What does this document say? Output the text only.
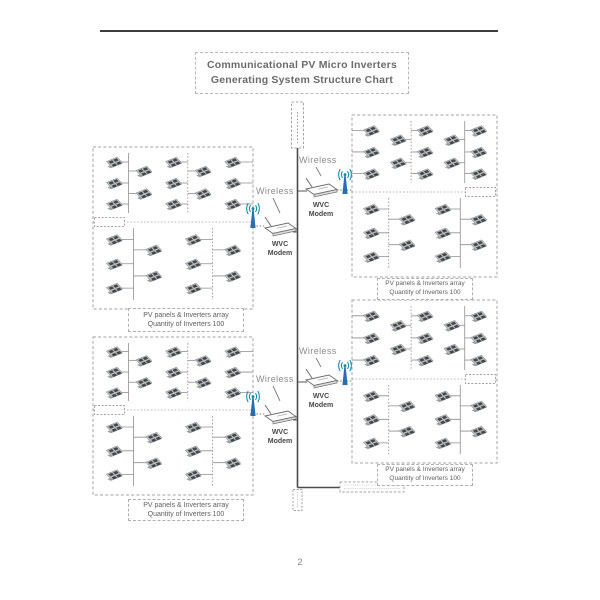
Communicational PV Micro Inverters
Generating System Structure Chart
PV panels & Inverters array
Quantity of Inverters 100
PV panels & Inverters array
Quantity of Inverters 100
PV panels & Inverters array
Quantity of Inverters 100
PV panels & Inverters array
Quantity of Inverters 100
Wireless
WVC
Modem
Wireless
WVC
Modem
Wireless
WVC
Modem
Wireless
WVC
Modem
2
